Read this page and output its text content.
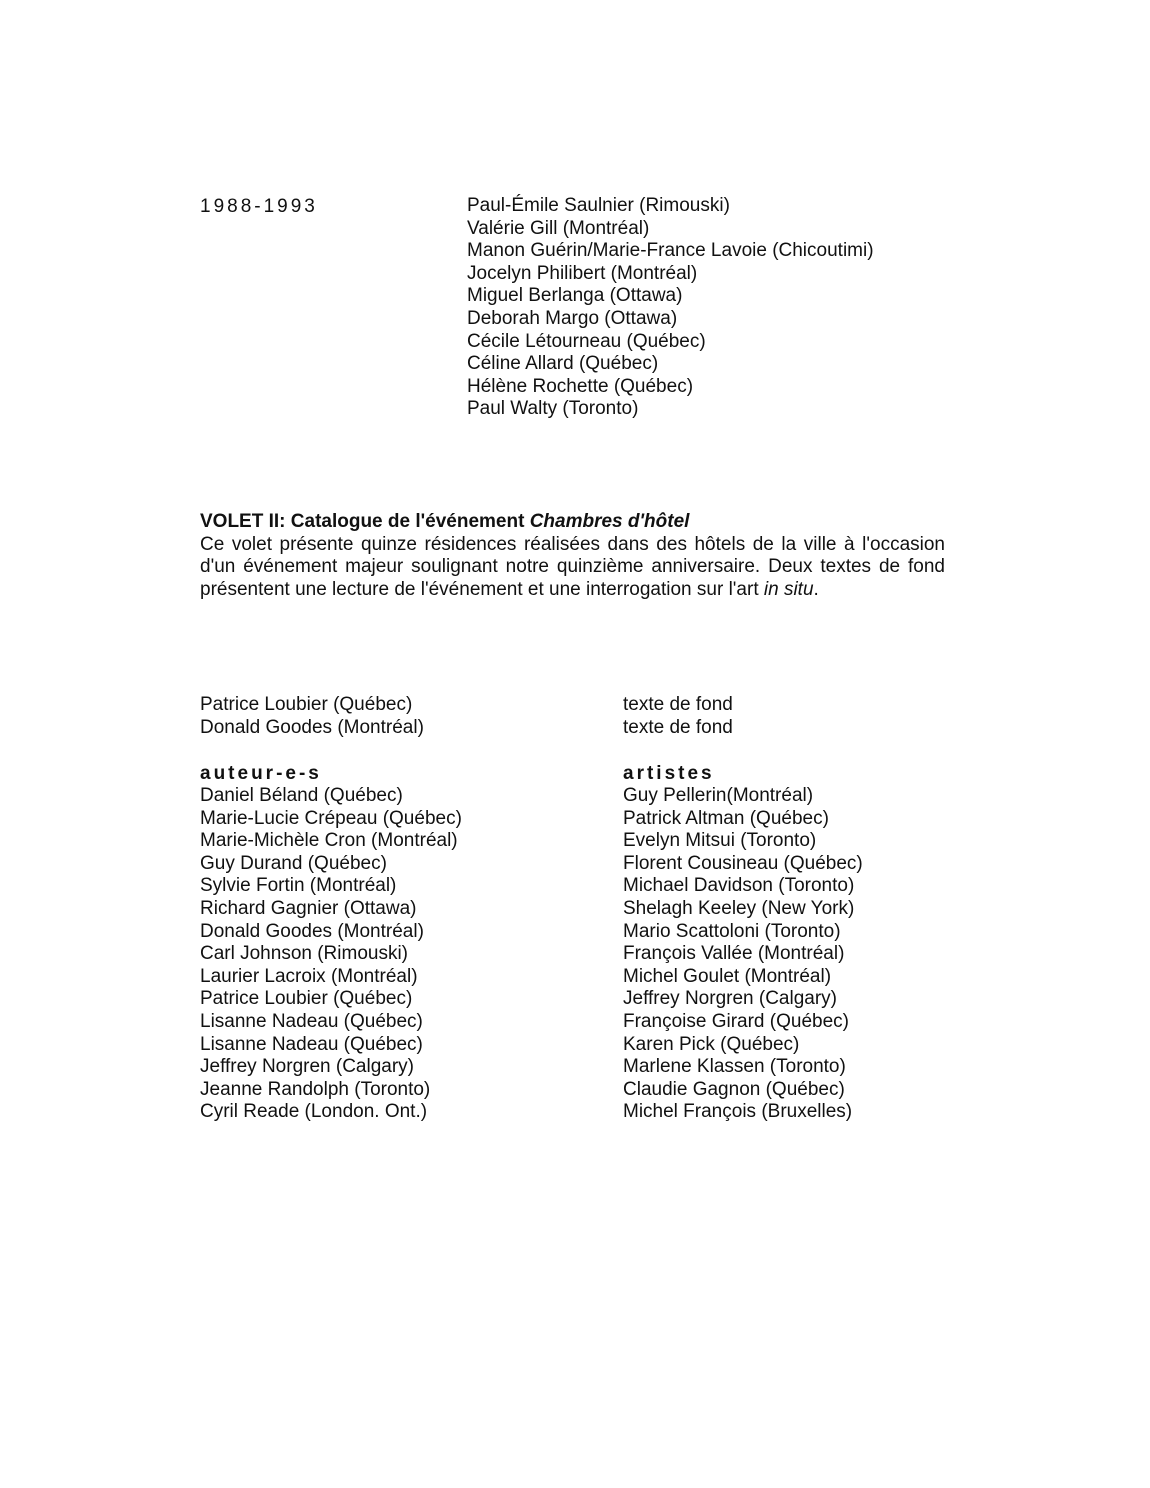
1988-1993	Paul-Émile Saulnier (Rimouski)
Valérie Gill (Montréal)
Manon Guérin/Marie-France Lavoie (Chicoutimi)
Jocelyn Philibert (Montréal)
Miguel Berlanga (Ottawa)
Deborah Margo (Ottawa)
Cécile Létourneau (Québec)
Céline Allard (Québec)
Hélène Rochette (Québec)
Paul Walty (Toronto)
VOLET II: Catalogue de l'événement Chambres d'hôtel
Ce volet présente quinze résidences réalisées dans des hôtels de la ville à l'occasion d'un événement majeur soulignant notre quinzième anniversaire. Deux textes de fond présentent une lecture de l'événement et une interrogation sur l'art in situ.
Patrice Loubier (Québec)
Donald Goodes (Montréal)
texte de fond
texte de fond
auteur-e-s	artistes
Daniel Béland (Québec)
Marie-Lucie Crépeau (Québec)
Marie-Michèle Cron (Montréal)
Guy Durand (Québec)
Sylvie Fortin (Montréal)
Richard Gagnier (Ottawa)
Donald Goodes (Montréal)
Carl Johnson (Rimouski)
Laurier Lacroix (Montréal)
Patrice Loubier (Québec)
Lisanne Nadeau (Québec)
Lisanne Nadeau (Québec)
Jeffrey Norgren (Calgary)
Jeanne Randolph (Toronto)
Cyril Reade (London. Ont.)
Guy Pellerin(Montréal)
Patrick Altman (Québec)
Evelyn Mitsui (Toronto)
Florent Cousineau (Québec)
Michael Davidson (Toronto)
Shelagh Keeley (New York)
Mario Scattoloni (Toronto)
François Vallée (Montréal)
Michel Goulet (Montréal)
Jeffrey Norgren (Calgary)
Françoise Girard (Québec)
Karen Pick (Québec)
Marlene Klassen (Toronto)
Claudie Gagnon (Québec)
Michel François (Bruxelles)
